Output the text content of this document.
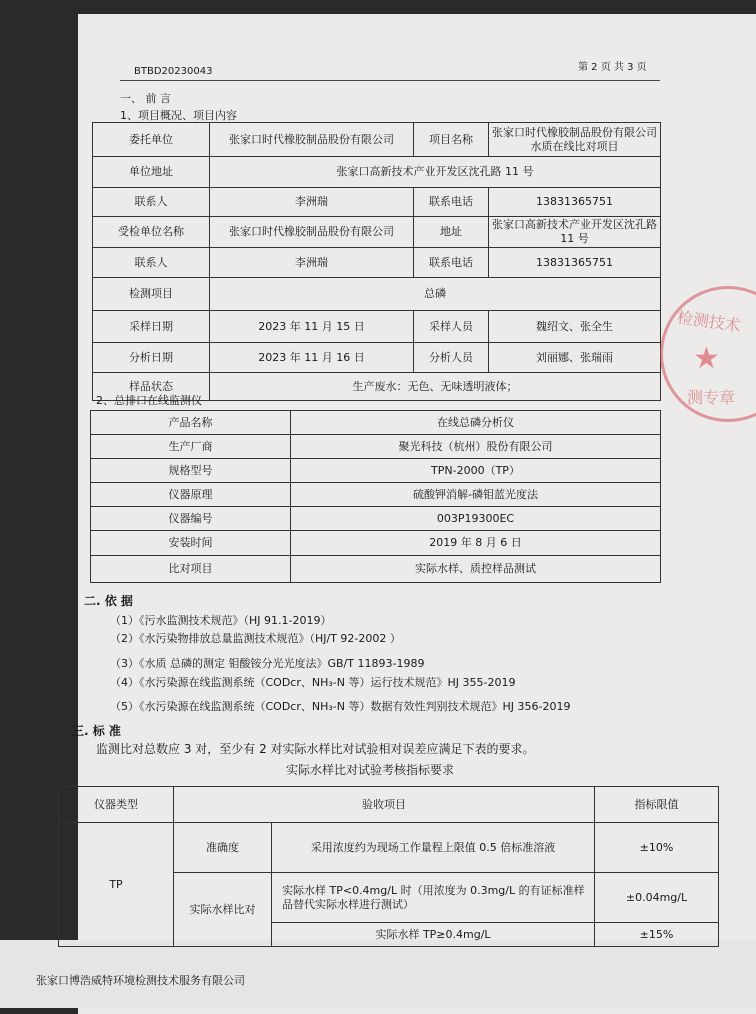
BTBD20230043	第 2 页 共 3 页
一、 前 言
1、项目概况、项目内容
委托单位	张家口时代橡胶制品股份有限公司	项目名称	张家口时代橡胶制品股份有限公司水质在线比对项目
单位地址	张家口高新技术产业开发区沈孔路 11 号		
联系人	李洲瑞	联系电话	13831365751
受检单位名称	张家口时代橡胶制品股份有限公司	地址	张家口高新技术产业开发区沈孔路 11 号
联系人	李洲瑞	联系电话	13831365751
检测项目	总磷		
采样日期	2023 年 11 月 15 日	采样人员	魏绍文、张全生
分析日期	2023 年 11 月 16 日	分析人员	刘丽娜、张瑞雨
样品状态	生产废水：无色、无味透明液体；		
2、总排口在线监测仪
产品名称	在线总磷分析仪
生产厂商	聚光科技（杭州）股份有限公司
规格型号	TPN-2000（TP）
仪器原理	硫酸钾消解-磷钼蓝光度法
仪器编号	003P19300EC
安装时间	2019 年 8 月 6 日
比对项目	实际水样、质控样品测试
二. 依 据
（1）《污水监测技术规范》（HJ 91.1-2019）
（2）《水污染物排放总量监测技术规范》（HJ/T 92-2002 ）
（3）《水质 总磷的测定 钼酸铵分光光度法》GB/T 11893-1989
（4）《水污染源在线监测系统（CODcr、NH₃-N 等）运行技术规范》HJ 355-2019
（5）《水污染源在线监测系统（CODcr、NH₃-N 等）数据有效性判别技术规范》HJ 356-2019
三. 标 准
监测比对总数应 3 对，至少有 2 对实际水样比对试验相对误差应满足下表的要求。
实际水样比对试验考核指标要求
仪器类型	验收项目		指标限值
TP	准确度	采用浓度约为现场工作量程上限值 0.5 倍标准溶液	±10%
	实际水样比对	实际水样 TP<0.4mg/L 时（用浓度为 0.3mg/L 的有证标准样品替代实际水样进行测试）	±0.04mg/L
		实际水样 TP≥0.4mg/L	±15%
张家口博浩威特环境检测技术服务有限公司
检测技术
★
测专章
